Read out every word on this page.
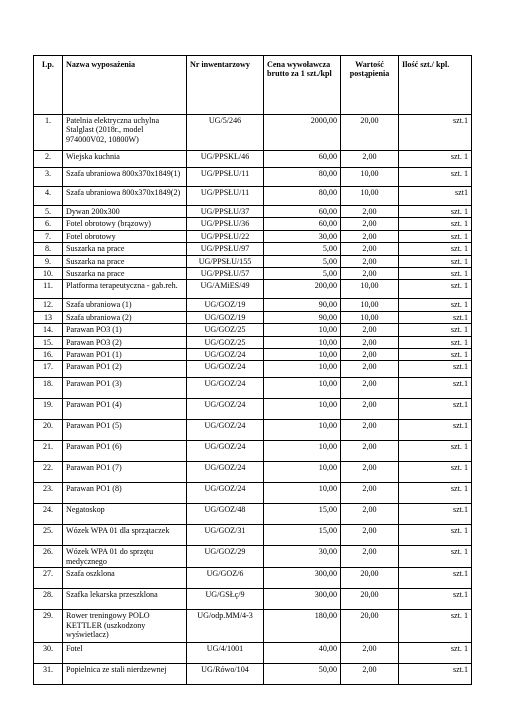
Lp.	Nazwa wyposażenia	Nr inwentarzowy	Cena wywoławcza brutto za 1 szt./kpl	Wartość postąpienia	Ilość szt./ kpl.
1.	Patelnia elektryczna uchylna Stalglast (2018r., model 974000V02, 10800W)	UG/5/246	2000,00	20,00	szt.1
2.	Wiejska kuchnia	UG/PPSKL/46	60,00	2,00	szt. 1
3.	Szafa ubraniowa 800x370x1849(1)	UG/PPSŁU/11	80,00	10,00	szt. 1
4.	Szafa ubraniowa 800x370x1849(2)	UG/PPSŁU/11	80,00	10,00	szt1
5.	Dywan 200x300	UG/PPSŁU/37	60,00	2,00	szt. 1
6.	Fotel obrotowy (brązowy)	UG/PPSŁU/36	60,00	2,00	szt. 1
7.	Fotel obrotowy	UG/PPSŁU/22	30,00	2,00	szt. 1
8.	Suszarka na prace	UG/PPSŁU/97	5,00	2,00	szt. 1
9.	Suszarka na prace	UG/PPSŁU/155	5,00	2,00	szt. 1
10.	Suszarka na prace	UG/PPSŁU/57	5,00	2,00	szt. 1
11.	Platforma terapeutyczna - gab.reh.	UG/AMiES/49	200,00	10,00	szt. 1
12.	Szafa ubraniowa (1)	UG/GOZ/19	90,00	10,00	szt. 1
13	Szafa ubraniowa (2)	UG/GOZ/19	90,00	10,00	szt.1
14.	Parawan PO3 (1)	UG/GOZ/25	10,00	2,00	szt. 1
15.	Parawan PO3 (2)	UG/GOZ/25	10,00	2,00	szt. 1
16.	Parawan PO1 (1)	UG/GOZ/24	10,00	2,00	szt. 1
17.	Parawan PO1 (2)	UG/GOZ/24	10,00	2,00	szt.1
18.	Parawan PO1 (3)	UG/GOZ/24	10,00	2,00	szt.1
19.	Parawan PO1 (4)	UG/GOZ/24	10,00	2,00	szt.1
20.	Parawan PO1 (5)	UG/GOZ/24	10,00	2,00	szt.1
21.	Parawan PO1 (6)	UG/GOZ/24	10,00	2,00	szt. 1
22.	Parawan PO1 (7)	UG/GOZ/24	10,00	2,00	szt. 1
23.	Parawan PO1 (8)	UG/GOZ/24	10,00	2,00	szt. 1
24.	Negatoskop	UG/GOZ/48	15,00	2,00	szt.1
25.	Wózek WPA 01 dla sprzątaczek	UG/GOZ/31	15,00	2,00	szt. 1
26.	Wózek WPA 01 do sprzętu medycznego	UG/GOZ/29	30,00	2,00	szt. 1
27.	Szafa oszklona	UG/GOZ/6	300,00	20,00	szt.1
28.	Szafka lekarska przeszklona	UG/GSŁç/9	300,00	20,00	szt.1
29.	Rower treningowy POLO KETTLER (uszkodzony wyświetlacz)	UG/odp.MM/4-3	180,00	20,00	szt. 1
30.	Fotel	UG/4/1001	40,00	2,00	szt. 1
31.	Popielnica ze stali nierdzewnej	UG/Rówo/104	50,00	2,00	szt.1
